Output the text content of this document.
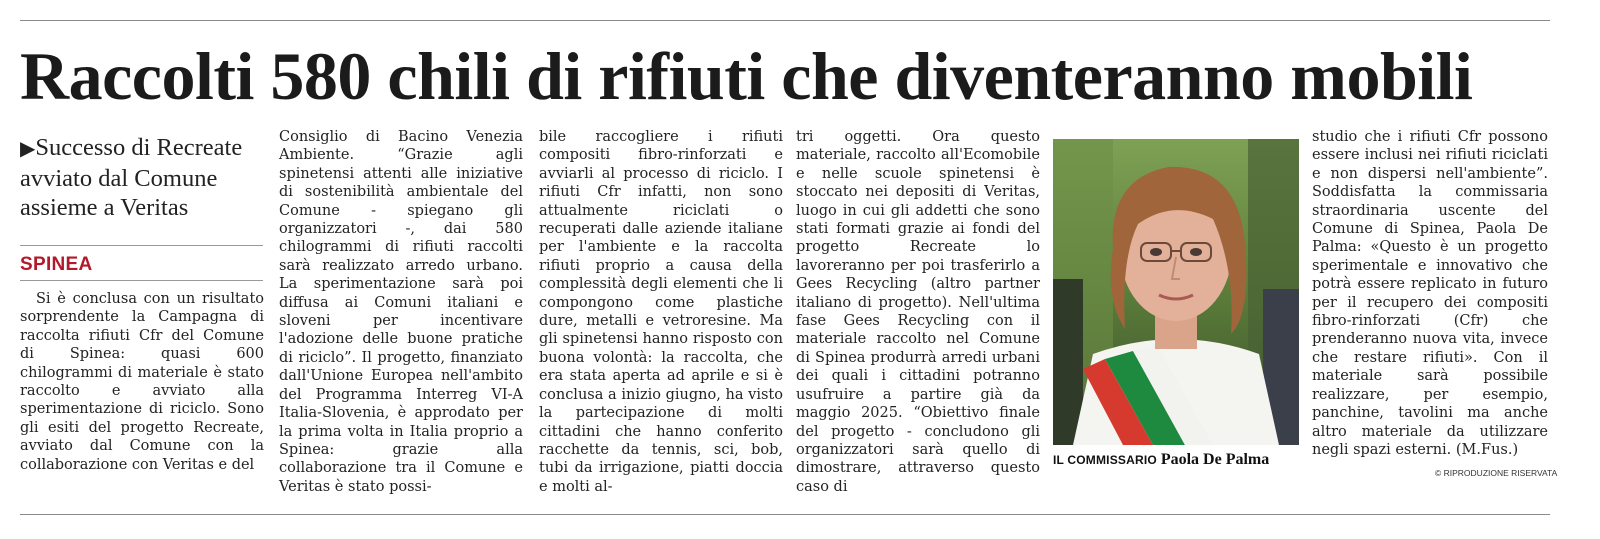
Raccolti 580 chili di rifiuti che diventeranno mobili
▶Successo di Recreate avviato dal Comune assieme a Veritas
SPINEA

Si è conclusa con un risultato sorprendente la Campagna di raccolta rifiuti Cfr del Comune di Spinea: quasi 600 chilogrammi di materiale è stato raccolto e avviato alla sperimentazione di riciclo. Sono gli esiti del progetto Recreate, avviato dal Comune con la collaborazione con Veritas e del

Consiglio di Bacino Venezia Ambiente. “Grazie agli spinetensi attenti alle iniziative di sostenibilità ambientale del Comune - spiegano gli organizzatori -, dai 580 chilogrammi di rifiuti raccolti sarà realizzato arredo urbano. La sperimentazione sarà poi diffusa ai Comuni italiani e sloveni per incentivare l'adozione delle buone pratiche di riciclo”. Il progetto, finanziato dall'Unione Europea nell'ambito del Programma Interreg VI-A Italia-Slovenia, è approdato per la prima volta in Italia proprio a Spinea: grazie alla collaborazione tra il Comune e Veritas è stato possi-

bile raccogliere i rifiuti compositi fibro-rinforzati e avviarli al processo di riciclo. I rifiuti Cfr infatti, non sono attualmente riciclati o recuperati dalle aziende italiane per l'ambiente e la raccolta rifiuti proprio a causa della complessità degli elementi che li compongono come plastiche dure, metalli e vetroresine. Ma gli spinetensi hanno risposto con buona volontà: la raccolta, che era stata aperta ad aprile e si è conclusa a inizio giugno, ha visto la partecipazione di molti cittadini che hanno conferito racchette da tennis, sci, bob, tubi da irrigazione, piatti doccia e molti al-

tri oggetti. Ora questo materiale, raccolto all'Ecomobile e nelle scuole spinetensi è stoccato nei depositi di Veritas, luogo in cui gli addetti che sono stati formati grazie ai fondi del progetto Recreate lo lavoreranno per poi trasferirlo a Gees Recycling (altro partner italiano di progetto). Nell'ultima fase Gees Recycling con il materiale raccolto nel Comune di Spinea produrrà arredi urbani dei quali i cittadini potranno usufruire a partire già da maggio 2025. “Obiettivo finale del progetto - concludono gli organizzatori sarà quello di dimostrare, attraverso questo caso di

IL COMMISSARIO Paola De Palma

studio che i rifiuti Cfr possono essere inclusi nei rifiuti riciclati e non dispersi nell'ambiente”. Soddisfatta la commissaria straordinaria uscente del Comune di Spinea, Paola De Palma: «Questo è un progetto sperimentale e innovativo che potrà essere replicato in futuro per il recupero dei compositi fibro-rinforzati (Cfr) che prenderanno nuova vita, invece che restare rifiuti». Con il materiale sarà possibile realizzare, per esempio, panchine, tavolini ma anche altro materiale da utilizzare negli spazi esterni. (M.Fus.)

© RIPRODUZIONE RISERVATA
